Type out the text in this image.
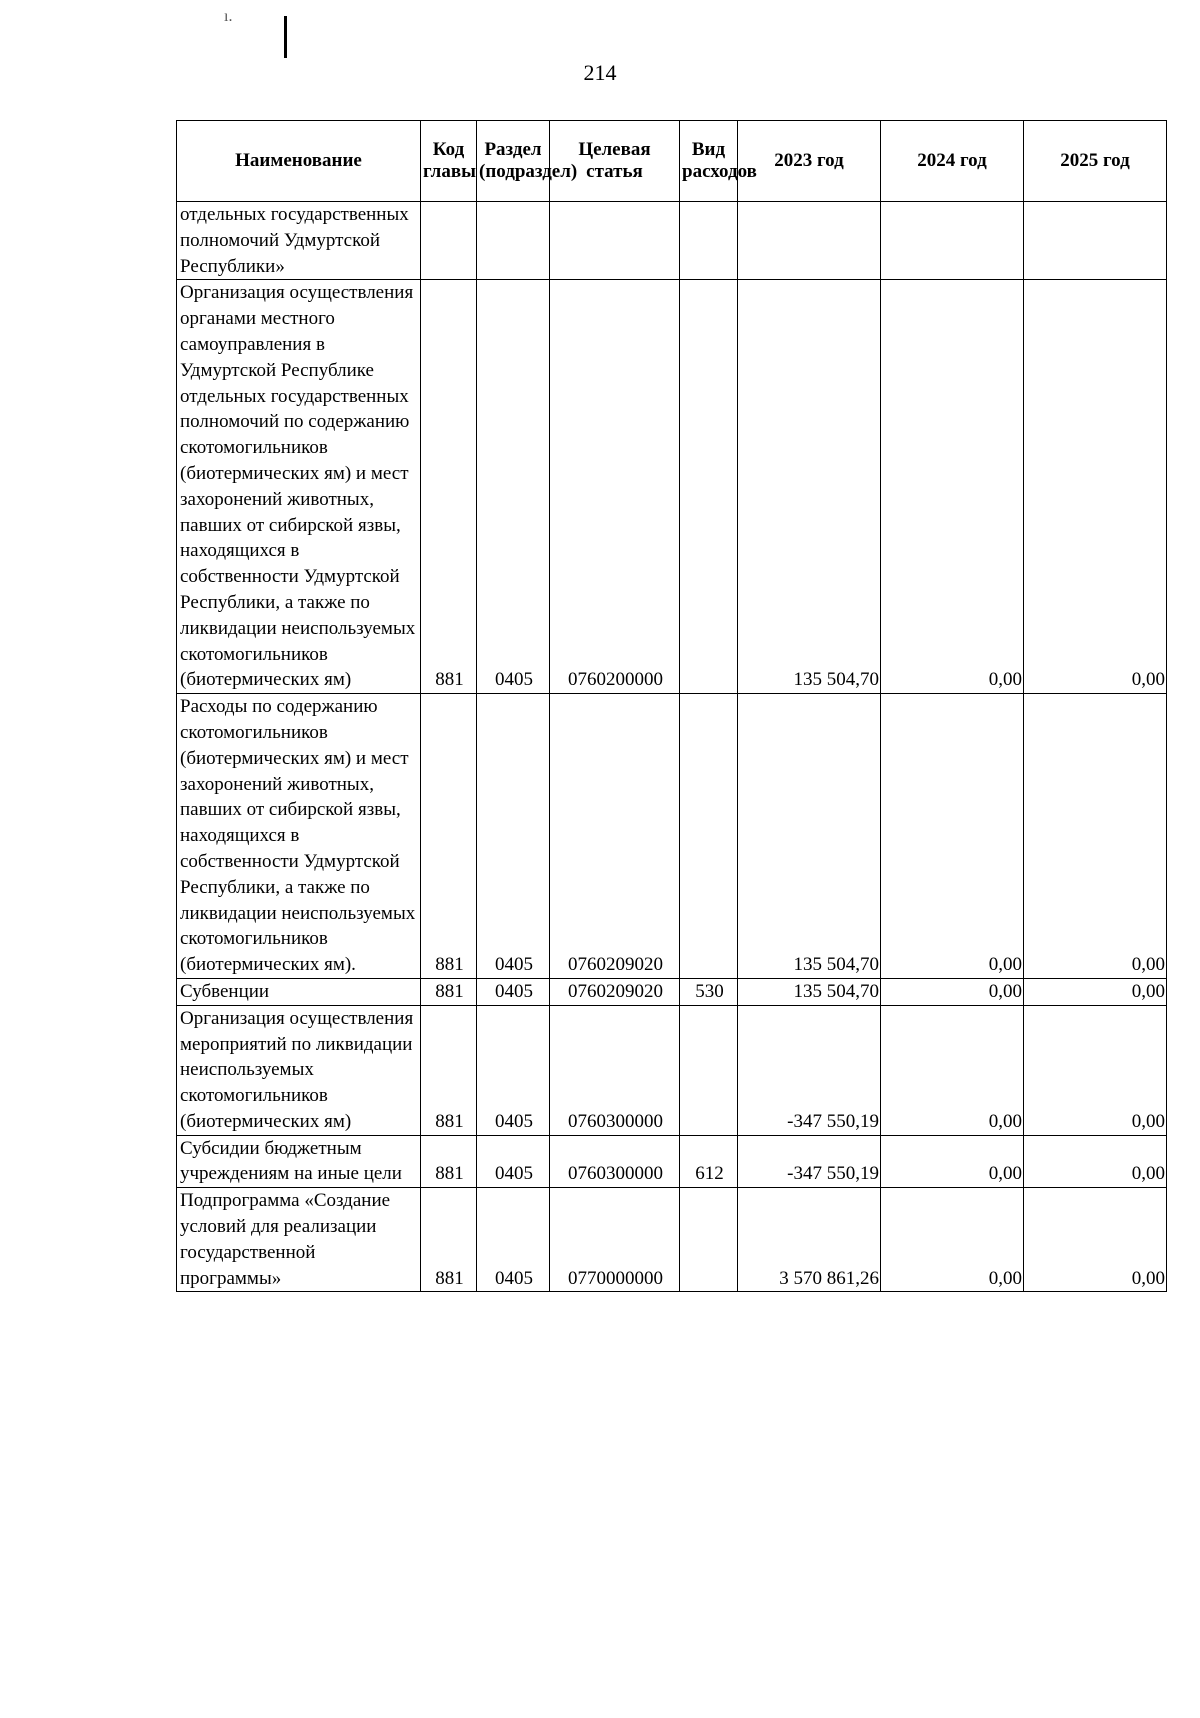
ı.
214
Наименование	Код главы	Раздел (подраздел)	Целевая статья	Вид расходов	2023 год	2024 год	2025 год
отдельных государственных полномочий Удмуртской Республики»							
Организация осуществления органами местного самоуправления в Удмуртской Республике отдельных государственных полномочий по содержанию скотомогильников (биотермических ям) и мест захоронений животных, павших от сибирской язвы, находящихся в собственности Удмуртской Республики, а также по ликвидации неиспользуемых скотомогильников (биотермических ям)	881	0405	0760200000		135 504,70	0,00	0,00
Расходы по содержанию скотомогильников (биотермических ям) и мест захоронений животных, павших от сибирской язвы, находящихся в собственности Удмуртской Республики, а также по ликвидации неиспользуемых скотомогильников (биотермических ям).	881	0405	0760209020		135 504,70	0,00	0,00
Субвенции	881	0405	0760209020	530	135 504,70	0,00	0,00
Организация осуществления мероприятий по ликвидации неиспользуемых скотомогильников (биотермических ям)	881	0405	0760300000		-347 550,19	0,00	0,00
Субсидии бюджетным учреждениям на иные цели	881	0405	0760300000	612	-347 550,19	0,00	0,00
Подпрограмма «Создание условий для реализации государственной программы»	881	0405	0770000000		3 570 861,26	0,00	0,00
